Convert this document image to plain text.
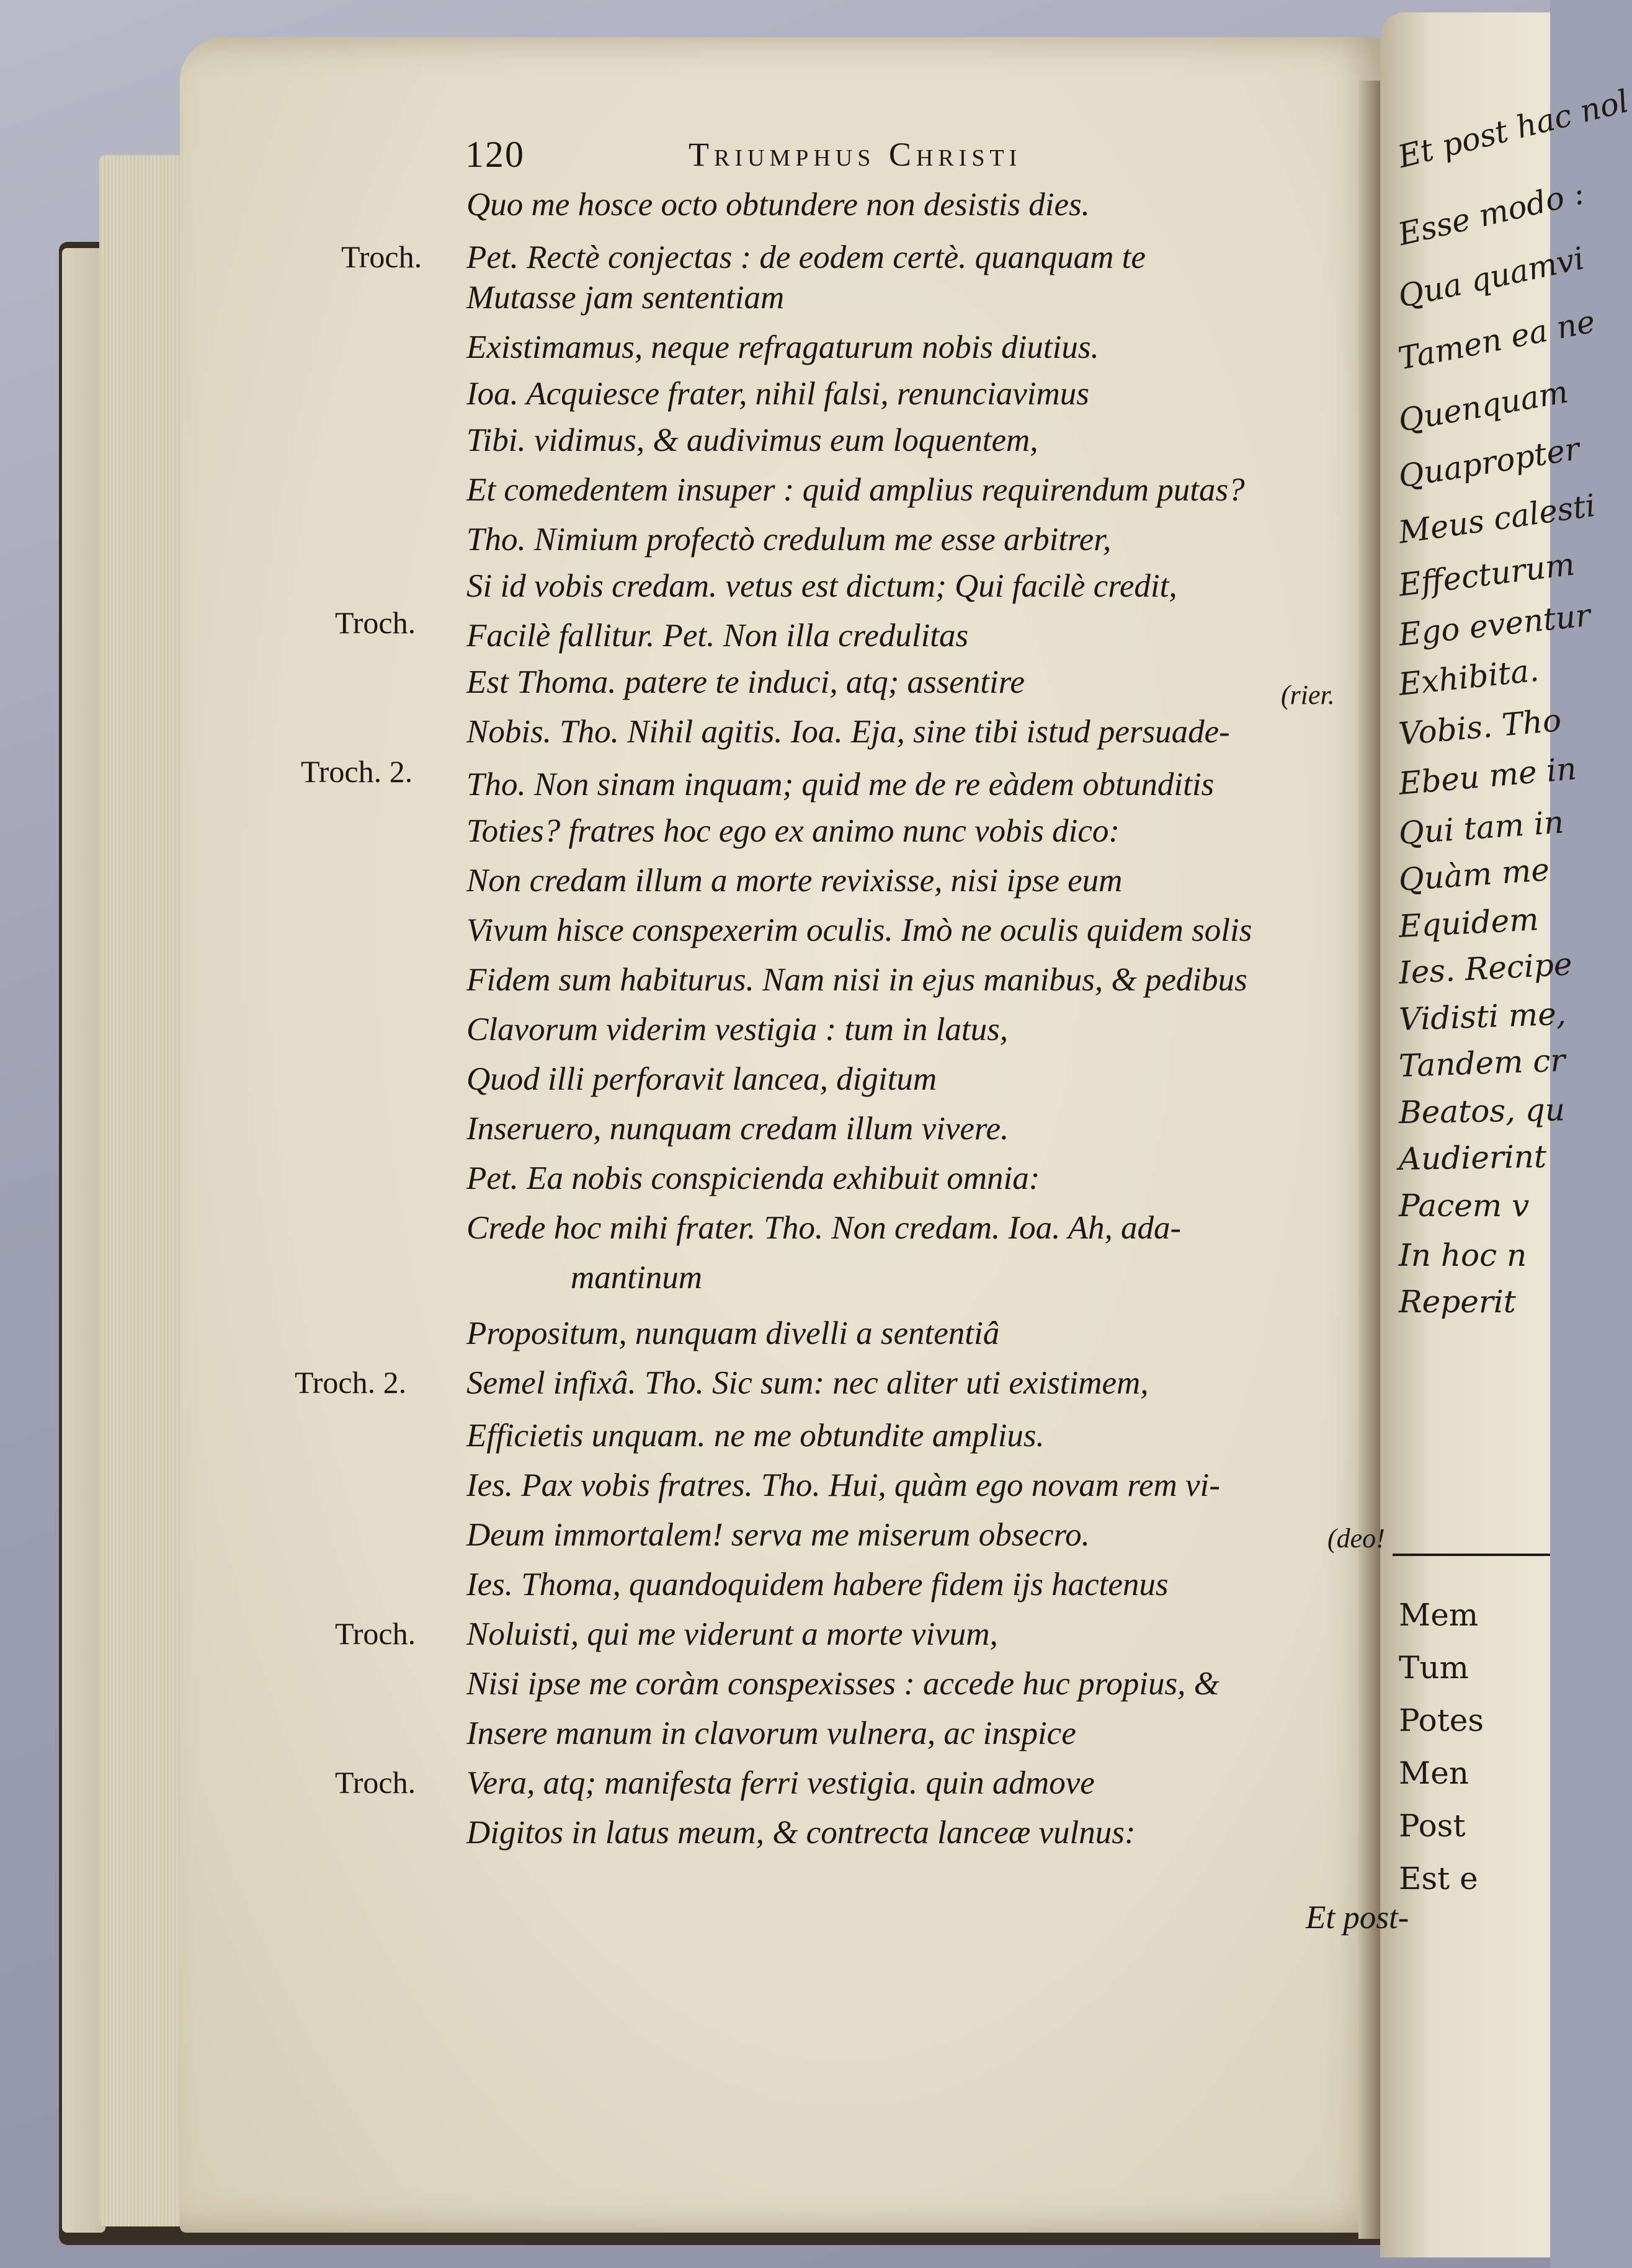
Et post hac nol
Esse modo :
Qua quamvi
Tamen ea ne
Quenquam
Quapropter
Meus calesti
Effecturum
Ego eventur
Exhibita.
Vobis. Tho
Ebeu me in
Qui tam in
Quàm me
Equidem
Ies. Recipe
Vidisti me,
Tandem cr
Beatos, qu
Audierint
Pacem v
In hoc n
Reperit
Mem
Tum
Potes
Men
Post
Est e
120	Triumphus Christi
Quo me hosce octo obtundere non desistis dies.
Pet. Rectè conjectas : de eodem certè. quanquam te
Mutasse jam sententiam
Existimamus, neque refragaturum nobis diutius.
Ioa. Acquiesce frater, nihil falsi, renunciavimus
Tibi. vidimus, & audivimus eum loquentem,
Et comedentem insuper : quid amplius requirendum putas?
Tho. Nimium profectò credulum me esse arbitrer,
Si id vobis credam. vetus est dictum; Qui facilè credit,
Facilè fallitur. Pet. Non illa credulitas
Est Thoma. patere te induci, atq; assentire
Nobis. Tho. Nihil agitis. Ioa. Eja, sine tibi istud persuade-
Tho. Non sinam inquam; quid me de re eàdem obtunditis
Toties? fratres hoc ego ex animo nunc vobis dico:
Non credam illum a morte revixisse, nisi ipse eum
Vivum hisce conspexerim oculis. Imò ne oculis quidem solis
Fidem sum habiturus. Nam nisi in ejus manibus, & pedibus
Clavorum viderim vestigia : tum in latus,
Quod illi perforavit lancea, digitum
Inseruero, nunquam credam illum vivere.
Pet. Ea nobis conspicienda exhibuit omnia:
Crede hoc mihi frater. Tho. Non credam. Ioa. Ah, ada-
mantinum
Propositum, nunquam divelli a sententiâ
Semel infixâ. Tho. Sic sum: nec aliter uti existimem,
Efficietis unquam. ne me obtundite amplius.
Ies. Pax vobis fratres. Tho. Hui, quàm ego novam rem vi-
Deum immortalem! serva me miserum obsecro.
Ies. Thoma, quandoquidem habere fidem ijs hactenus
Noluisti, qui me viderunt a morte vivum,
Nisi ipse me coràm conspexisses : accede huc propius, &
Insere manum in clavorum vulnera, ac inspice
Vera, atq; manifesta ferri vestigia. quin admove
Digitos in latus meum, & contrecta lanceæ vulnus:
(rier.
(deo!
Troch.
Troch.
Troch. 2.
Troch. 2.
Troch.
Troch.
Et post-
